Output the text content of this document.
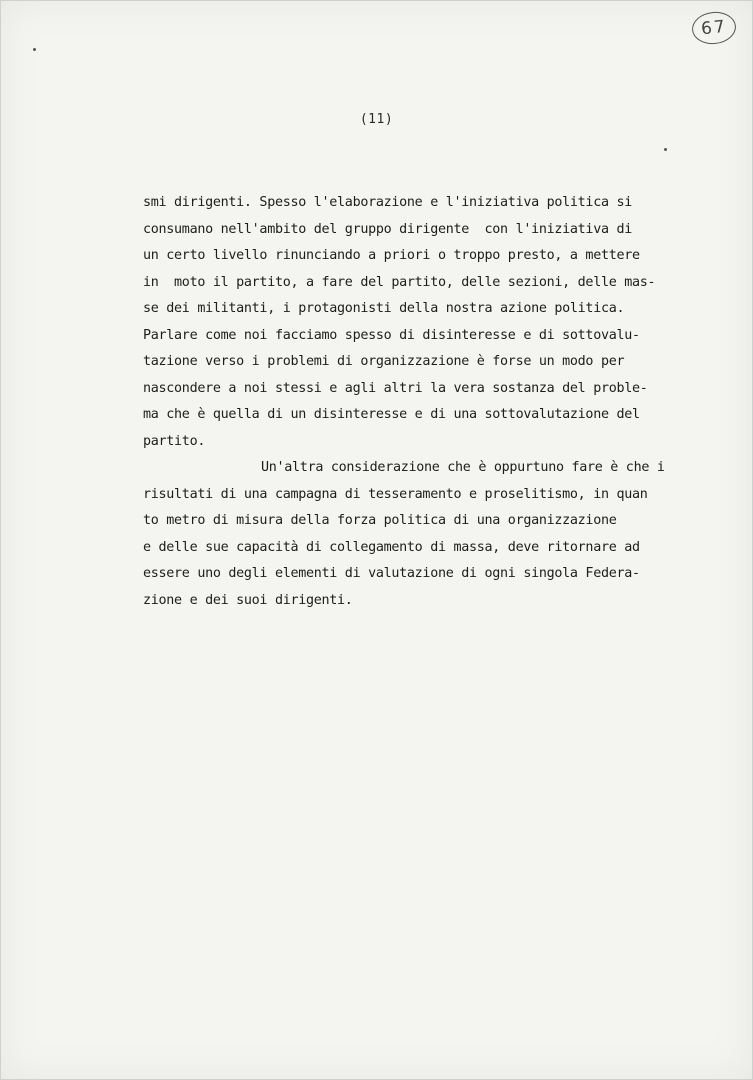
67
(11)
smi dirigenti. Spesso l'elaborazione e l'iniziativa politica si
consumano nell'ambito del gruppo dirigente  con l'iniziativa di
un certo livello rinunciando a priori o troppo presto, a mettere
in  moto il partito, a fare del partito, delle sezioni, delle mas-
se dei militanti, i protagonisti della nostra azione politica.
Parlare come noi facciamo spesso di disinteresse e di sottovalu-
tazione verso i problemi di organizzazione è forse un modo per
nascondere a noi stessi e agli altri la vera sostanza del proble-
ma che è quella di un disinteresse e di una sottovalutazione del
partito.
Un'altra considerazione che è oppurtuno fare è che i
risultati di una campagna di tesseramento e proselitismo, in quan
to metro di misura della forza politica di una organizzazione
e delle sue capacità di collegamento di massa, deve ritornare ad
essere uno degli elementi di valutazione di ogni singola Federa-
zione e dei suoi dirigenti.
